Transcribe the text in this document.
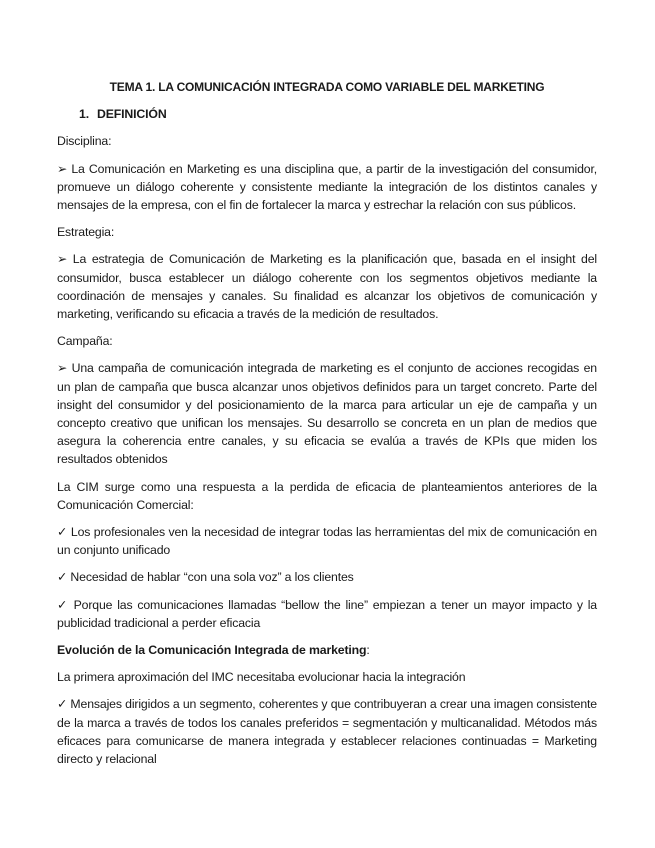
TEMA 1. LA COMUNICACIÓN INTEGRADA COMO VARIABLE DEL MARKETING
1. DEFINICIÓN
Disciplina:
➢ La Comunicación en Marketing es una disciplina que, a partir de la investigación del consumidor, promueve un diálogo coherente y consistente mediante la integración de los distintos canales y mensajes de la empresa, con el fin de fortalecer la marca y estrechar la relación con sus públicos.
Estrategia:
➢ La estrategia de Comunicación de Marketing es la planificación que, basada en el insight del consumidor, busca establecer un diálogo coherente con los segmentos objetivos mediante la coordinación de mensajes y canales. Su finalidad es alcanzar los objetivos de comunicación y marketing, verificando su eficacia a través de la medición de resultados.
Campaña:
➢ Una campaña de comunicación integrada de marketing es el conjunto de acciones recogidas en un plan de campaña que busca alcanzar unos objetivos definidos para un target concreto. Parte del insight del consumidor y del posicionamiento de la marca para articular un eje de campaña y un concepto creativo que unifican los mensajes. Su desarrollo se concreta en un plan de medios que asegura la coherencia entre canales, y su eficacia se evalúa a través de KPIs que miden los resultados obtenidos
La CIM surge como una respuesta a la perdida de eficacia de planteamientos anteriores de la Comunicación Comercial:
✓ Los profesionales ven la necesidad de integrar todas las herramientas del mix de comunicación en un conjunto unificado
✓ Necesidad de hablar “con una sola voz” a los clientes
✓ Porque las comunicaciones llamadas “bellow the line” empiezan a tener un mayor impacto y la publicidad tradicional a perder eficacia
Evolución de la Comunicación Integrada de marketing:
La primera aproximación del IMC necesitaba evolucionar hacia la integración
✓ Mensajes dirigidos a un segmento, coherentes y que contribuyeran a crear una imagen consistente de la marca a través de todos los canales preferidos = segmentación y multicanalidad. Métodos más eficaces para comunicarse de manera integrada y establecer relaciones continuadas = Marketing directo y relacional
